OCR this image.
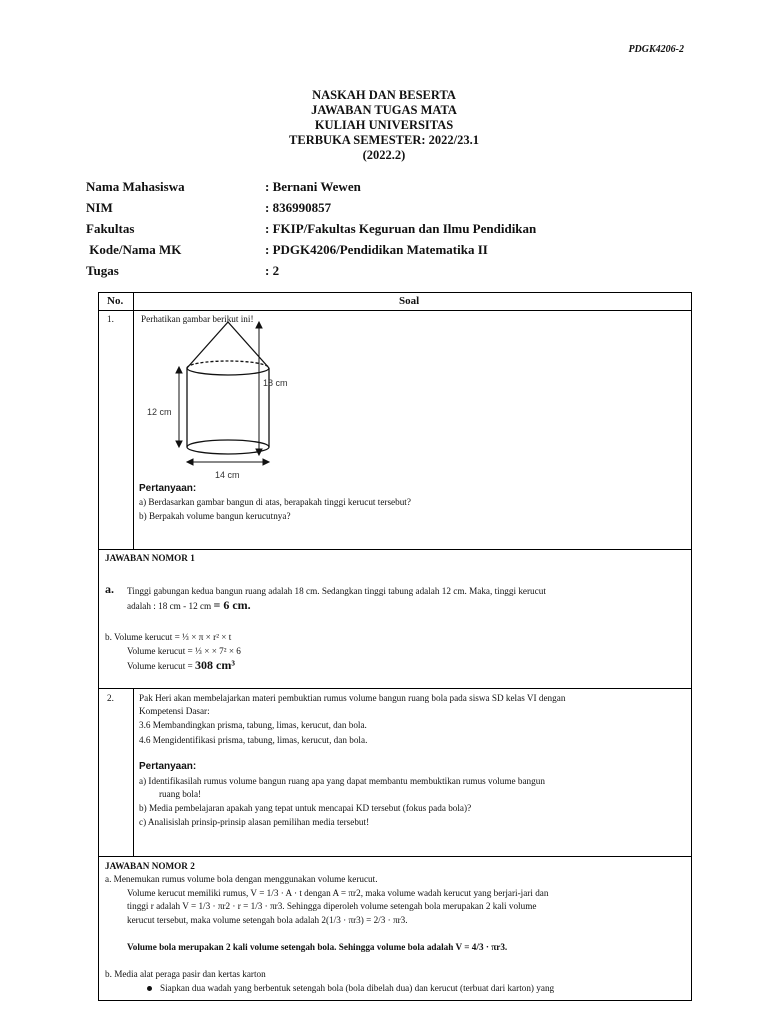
PDGK4206-2
NASKAH DAN BESERTA
JAWABAN TUGAS MATA
KULIAH UNIVERSITAS
TERBUKA SEMESTER: 2022/23.1
(2022.2)
Nama Mahasiswa	: Bernani Wewen
NIM	: 836990857
Fakultas	: FKIP/Fakultas Keguruan dan Ilmu Pendidikan
Kode/Nama MK	: PDGK4206/Pendidikan Matematika II
Tugas	: 2
No.	Soal
1.	Perhatikan gambar berikut ini!
18 cm
12 cm
14 cm
Pertanyaan:
a) Berdasarkan gambar bangun di atas, berapakah tinggi kerucut tersebut?
b) Berpakah volume bangun kerucutnya?
JAWABAN NOMOR 1
a. Tinggi gabungan kedua bangun ruang adalah 18 cm. Sedangkan tinggi tabung adalah 12 cm. Maka, tinggi kerucut
adalah : 18 cm - 12 cm = 6 cm.
b. Volume kerucut = ⅓ × π × r² × t
Volume kerucut = ⅓ × × 7² × 6
Volume kerucut = 308 cm³
2.	Pak Heri akan membelajarkan materi pembuktian rumus volume bangun ruang bola pada siswa SD kelas VI dengan
Kompetensi Dasar:
3.6 Membandingkan prisma, tabung, limas, kerucut, dan bola.
4.6 Mengidentifikasi prisma, tabung, limas, kerucut, dan bola.
Pertanyaan:
a) Identifikasilah rumus volume bangun ruang apa yang dapat membantu membuktikan rumus volume bangun
ruang bola!
b) Media pembelajaran apakah yang tepat untuk mencapai KD tersebut (fokus pada bola)?
c) Analisislah prinsip-prinsip alasan pemilihan media tersebut!
JAWABAN NOMOR 2
a. Menemukan rumus volume bola dengan menggunakan volume kerucut.
Volume kerucut memiliki rumus, V = 1/3 · A · t dengan A = πr2, maka volume wadah kerucut yang berjari-jari dan
tinggi r adalah V = 1/3 · πr2 · r = 1/3 · πr3. Sehingga diperoleh volume setengah bola merupakan 2 kali volume
kerucut tersebut, maka volume setengah bola adalah 2(1/3 · πr3) = 2/3 · πr3.
Volume bola merupakan 2 kali volume setengah bola. Sehingga volume bola adalah V = 4/3 · πr3.
b. Media alat peraga pasir dan kertas karton
Siapkan dua wadah yang berbentuk setengah bola (bola dibelah dua) dan kerucut (terbuat dari karton) yang
